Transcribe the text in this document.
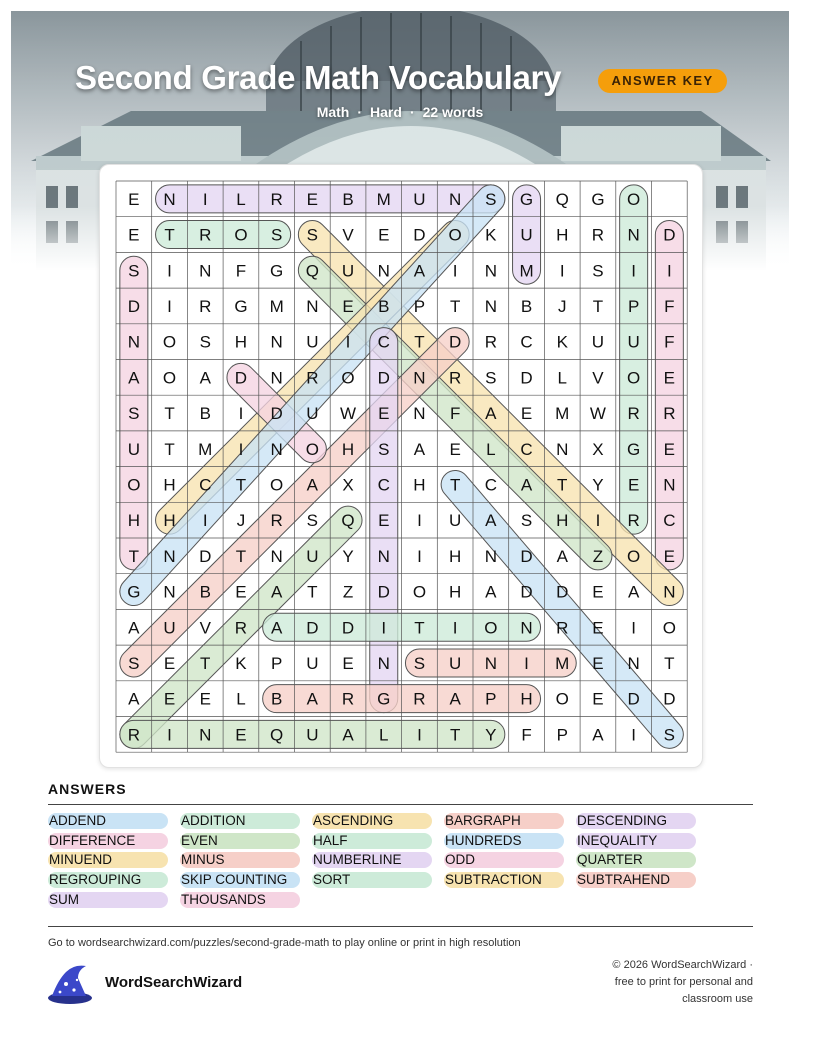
Second Grade Math Vocabulary	ANSWER KEY
Math · Hard · 22 words
E N I L R E B M U N S G Q G O
E T R O S S V E D O K U H R N D
S I N F G Q U N A I N M I S I I
D I R G M N E B P T N B J T P F
N O S H N U I C T D R C K U U F
A O A D N R O D N R S D L V O E
S T B I D U W E N F A E M W R R
U T M I N O H S A E L C N X G E
O H C T O A X C H T C A T Y E N
H H I J R S Q E I U A S H I R C
T N D T N U Y N I H N D A Z O E
G N B E A T Z D O H A D D E A N
A U V R A D D I T I O N R E I O
S E T K P U E N S U N I M E N T
A E E L B A R G R A P H O E D D
R I N E Q U A L I T Y F P A I S
ANSWERS
ADDEND	ADDITION	ASCENDING	BARGRAPH	DESCENDING
DIFFERENCE	EVEN	HALF	HUNDREDS	INEQUALITY
MINUEND	MINUS	NUMBERLINE	ODD	QUARTER
REGROUPING	SKIP COUNTING	SORT	SUBTRACTION	SUBTRAHEND
SUM	THOUSANDS
Go to wordsearchwizard.com/puzzles/second-grade-math to play online or print in high resolution
WordSearchWizard
© 2026 WordSearchWizard ·
free to print for personal and
classroom use
